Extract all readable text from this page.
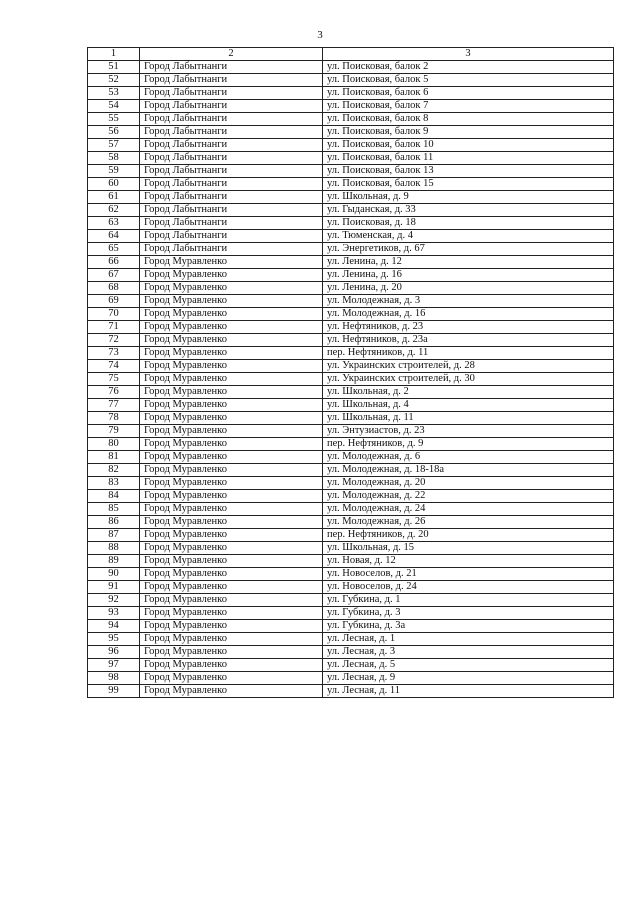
3
1	2	3
51	Город Лабытнанги	ул. Поисковая, балок 2
52	Город Лабытнанги	ул. Поисковая, балок 5
53	Город Лабытнанги	ул. Поисковая, балок 6
54	Город Лабытнанги	ул. Поисковая, балок 7
55	Город Лабытнанги	ул. Поисковая, балок 8
56	Город Лабытнанги	ул. Поисковая, балок 9
57	Город Лабытнанги	ул. Поисковая, балок 10
58	Город Лабытнанги	ул. Поисковая, балок 11
59	Город Лабытнанги	ул. Поисковая, балок 13
60	Город Лабытнанги	ул. Поисковая, балок 15
61	Город Лабытнанги	ул. Школьная, д. 9
62	Город Лабытнанги	ул. Гыданская, д. 33
63	Город Лабытнанги	ул. Поисковая, д. 18
64	Город Лабытнанги	ул. Тюменская, д. 4
65	Город Лабытнанги	ул. Энергетиков, д. 67
66	Город Муравленко	ул. Ленина, д. 12
67	Город Муравленко	ул. Ленина, д. 16
68	Город Муравленко	ул. Ленина, д. 20
69	Город Муравленко	ул. Молодежная, д. 3
70	Город Муравленко	ул. Молодежная, д. 16
71	Город Муравленко	ул. Нефтяников, д. 23
72	Город Муравленко	ул. Нефтяников, д. 23а
73	Город Муравленко	пер. Нефтяников, д. 11
74	Город Муравленко	ул. Украинских строителей, д. 28
75	Город Муравленко	ул. Украинских строителей, д. 30
76	Город Муравленко	ул. Школьная, д. 2
77	Город Муравленко	ул. Школьная, д. 4
78	Город Муравленко	ул. Школьная, д. 11
79	Город Муравленко	ул. Энтузиастов, д. 23
80	Город Муравленко	пер. Нефтяников, д. 9
81	Город Муравленко	ул. Молодежная, д. 6
82	Город Муравленко	ул. Молодежная, д. 18-18а
83	Город Муравленко	ул. Молодежная, д. 20
84	Город Муравленко	ул. Молодежная, д. 22
85	Город Муравленко	ул. Молодежная, д. 24
86	Город Муравленко	ул. Молодежная, д. 26
87	Город Муравленко	пер. Нефтяников, д. 20
88	Город Муравленко	ул. Школьная, д. 15
89	Город Муравленко	ул. Новая, д. 12
90	Город Муравленко	ул. Новоселов, д. 21
91	Город Муравленко	ул. Новоселов, д. 24
92	Город Муравленко	ул. Губкина, д. 1
93	Город Муравленко	ул. Губкина, д. 3
94	Город Муравленко	ул. Губкина, д. 3а
95	Город Муравленко	ул. Лесная, д. 1
96	Город Муравленко	ул. Лесная, д. 3
97	Город Муравленко	ул. Лесная, д. 5
98	Город Муравленко	ул. Лесная, д. 9
99	Город Муравленко	ул. Лесная, д. 11
